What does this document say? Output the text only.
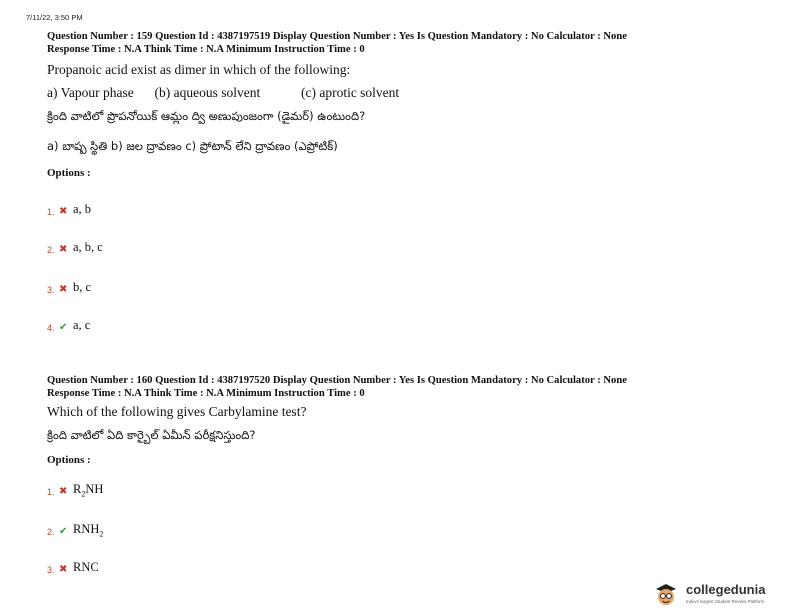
7/11/22, 3:50 PM
Question Number : 159 Question Id : 4387197519 Display Question Number : Yes Is Question Mandatory : No Calculator : None
Response Time : N.A Think Time : N.A Minimum Instruction Time : 0
Propanoic acid exist as dimer in which of the following:
a) Vapour phase (b) aqueous solvent	(c) aprotic solvent
క్రింది వాటిలో ప్రొపనోయిక్ ఆమ్లం ద్వి అణుపుంజంగా (డైమర్) ఉంటుంది?
a) బాష్ప స్థితి b) జల ద్రావణం c) ప్రోటాన్ లేని ద్రావణం (ఎప్రోటిక్)
Options :
1. ✖ a, b
2. ✖ a, b, c
3. ✖ b, c
4. ✔ a, c
Question Number : 160 Question Id : 4387197520 Display Question Number : Yes Is Question Mandatory : No Calculator : None
Response Time : N.A Think Time : N.A Minimum Instruction Time : 0
Which of the following gives Carbylamine test?
క్రింది వాటిలో ఏది కార్బైల్ ఏమీన్ పరీక్షనిస్తుంది?
Options :
1. ✖ $R_2NH$
2. ✔ $RNH_2$
3. ✖ RNC
collegedunia
India's largest Student Review Platform
